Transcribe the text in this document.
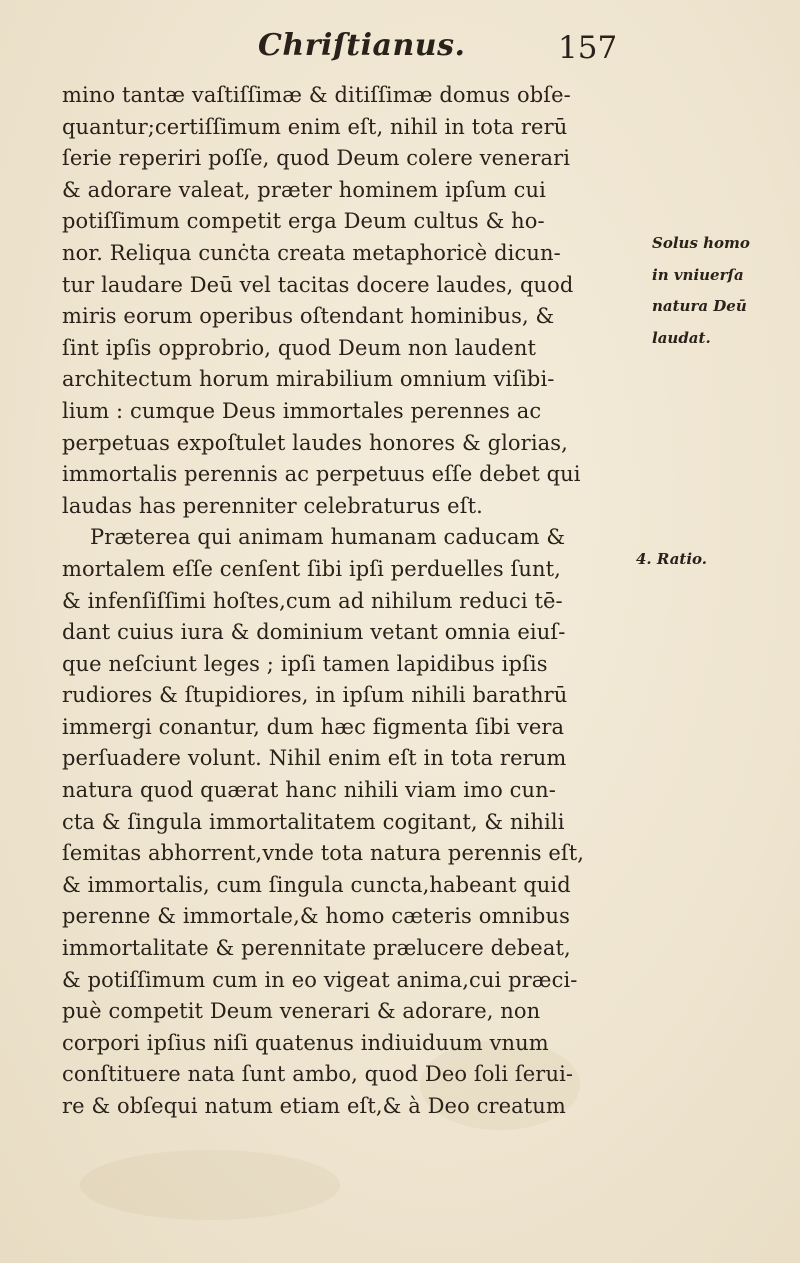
Chriſtianus.	157
mino tantæ vaſtiſſimæ & ditiſſimæ domus obſe-
quantur;certiſſimum enim eſt, nihil in tota rerū
ſerie reperiri poſſe, quod Deum colere venerari
& adorare valeat, præter hominem ipſum cui
potiſſimum competit erga Deum cultus & ho-
nor. Reliqua cunċta creata metaphoricè dicun-
tur laudare Deū vel tacitas docere laudes, quod
miris eorum operibus oſtendant hominibus, &
ſint ipſis opprobrio, quod Deum non laudent
architectum horum mirabilium omnium viſibi-
lium : cumque Deus immortales perennes ac
perpetuas expoſtulet laudes honores & glorias,
immortalis perennis ac perpetuus eſſe debet qui
laudas has perenniter celebraturus eſt.
Præterea qui animam humanam caducam &
mortalem eſſe cenſent ſibi ipſi perduelles ſunt,
& infenſiſſimi hoſtes,cum ad nihilum reduci tē-
dant cuius iura & dominium vetant omnia eiuſ-
que neſciunt leges ; ipſi tamen lapidibus ipſis
rudiores & ſtupidiores, in ipſum nihili barathrū
immergi conantur, dum hæc figmenta ſibi vera
perſuadere volunt. Nihil enim eſt in tota rerum
natura quod quærat hanc nihili viam imo cun-
cta & ſingula immortalitatem cogitant, & nihili
ſemitas abhorrent,vnde tota natura perennis eſt,
& immortalis, cum ſingula cuncta,habeant quid
perenne & immortale,& homo cæteris omnibus
immortalitate & perennitate prælucere debeat,
& potiſſimum cum in eo vigeat anima,cui præci-
puè competit Deum venerari & adorare, non
corpori ipſius niſi quatenus indiuiduum vnum
conſtituere nata ſunt ambo, quod Deo ſoli ſerui-
re & obſequi natum etiam eſt,& à Deo creatum
Solus homo
in vniuerſa
natura Deū
laudat.
4. Ratio.
